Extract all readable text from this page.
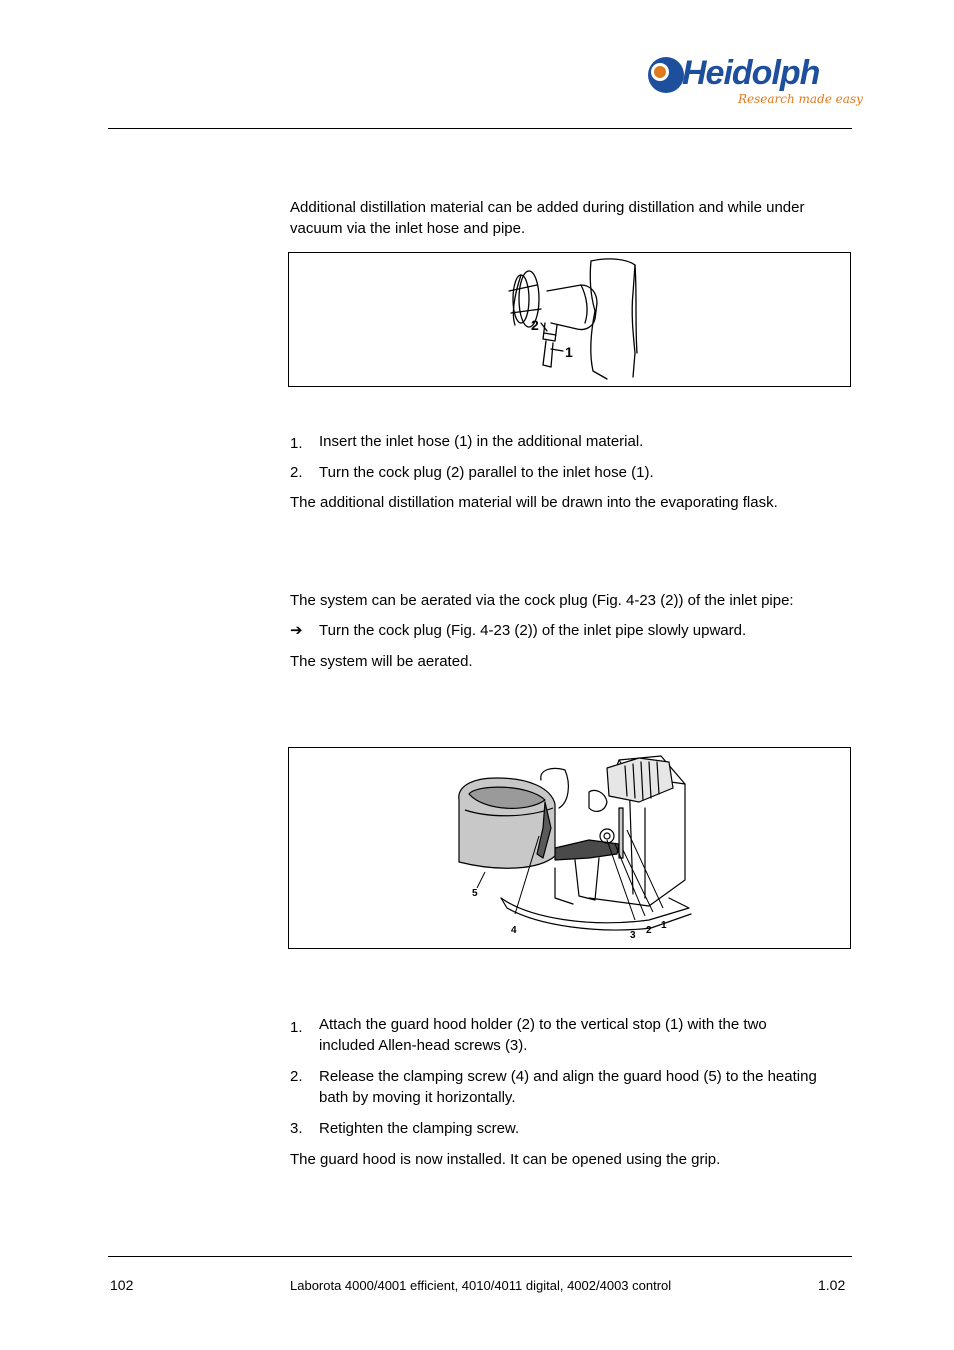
Heidolph
Research made easy

Additional distillation material can be added during distillation and while under vacuum via the inlet hose and pipe.

2
1
1. Insert the inlet hose (1) in the additional material.

2. Turn the cock plug (2) parallel to the inlet hose (1).

The additional distillation material will be drawn into the evaporating flask.

The system can be aerated via the cock plug (Fig. 4-23 (2)) of the inlet pipe:

➔ Turn the cock plug (Fig. 4-23 (2)) of the inlet pipe slowly upward.

The system will be aerated.

5
4	3 2 1
1. Attach the guard hood holder (2) to the vertical stop (1) with the two included Allen-head screws (3).

2. Release the clamping screw (4) and align the guard hood (5) to the heating bath by moving it horizontally.

3. Retighten the clamping screw.

The guard hood is now installed. It can be opened using the grip.

102	Laborota 4000/4001 efficient, 4010/4011 digital, 4002/4003 control	1.02
